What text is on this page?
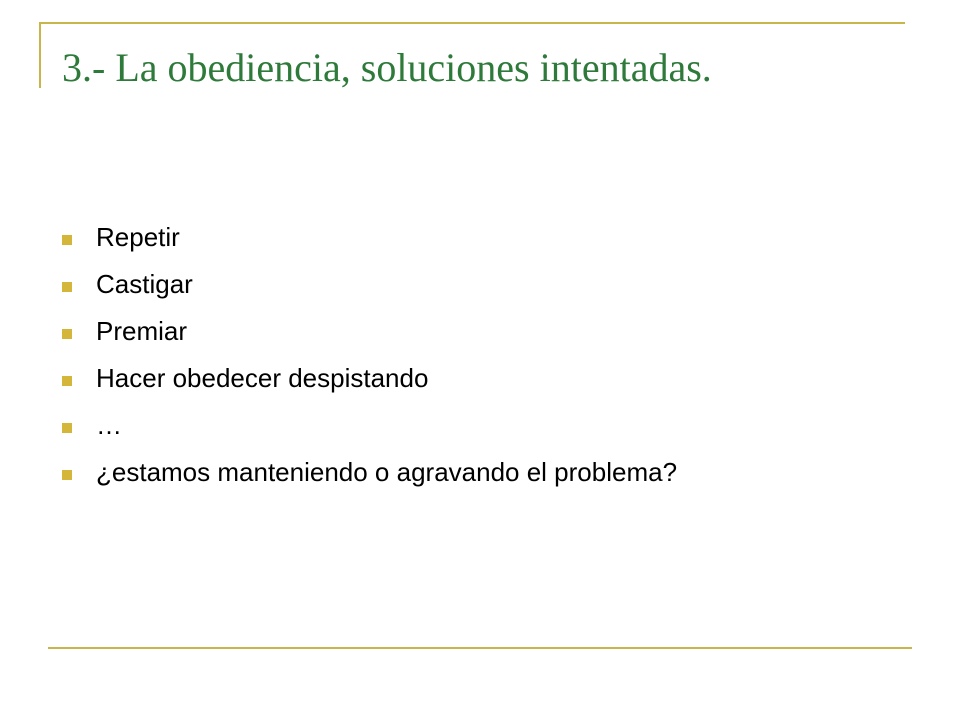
3.- La obediencia, soluciones intentadas.
Repetir
Castigar
Premiar
Hacer obedecer despistando
…
¿estamos manteniendo o agravando el problema?
